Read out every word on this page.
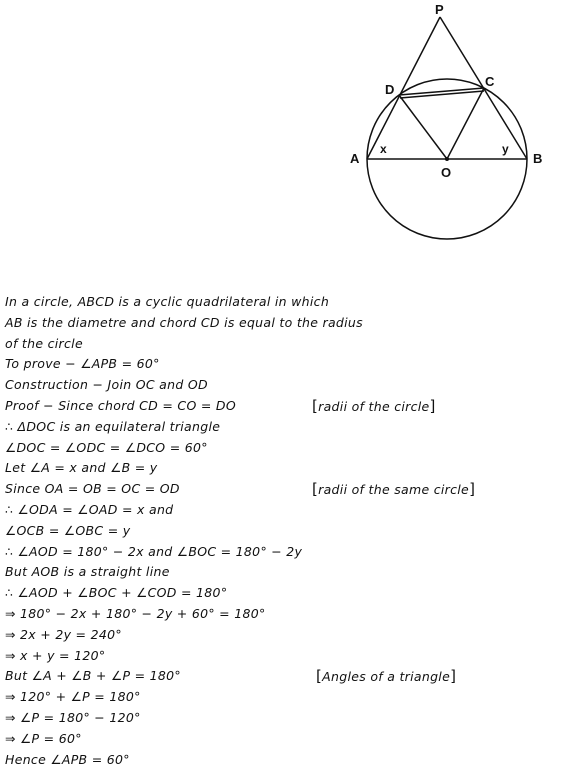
P
D
C
A	B
O
x	y
In a circle, ABCD is a cyclic quadrilateral in which
AB is the diametre and chord CD is equal to the radius
of the circle
To prove − ∠APB = 60°
Construction − Join OC and OD
Proof − Since chord CD = CO = DO	[radii of the circle]
∴ ΔDOC is an equilateral triangle
∠DOC = ∠ODC = ∠DCO = 60°
Let ∠A = x and ∠B = y
Since OA = OB = OC = OD	[radii of the same circle]
∴ ∠ODA = ∠OAD = x and
∠OCB = ∠OBC = y
∴ ∠AOD = 180° − 2x and ∠BOC = 180° − 2y
But AOB is a straight line
∴ ∠AOD + ∠BOC + ∠COD = 180°
⇒ 180° − 2x + 180° − 2y + 60° = 180°
⇒ 2x + 2y = 240°
⇒ x + y = 120°
But ∠A + ∠B + ∠P = 180°	[Angles of a triangle]
⇒ 120° + ∠P = 180°
⇒ ∠P = 180° − 120°
⇒ ∠P = 60°
Hence ∠APB = 60°
